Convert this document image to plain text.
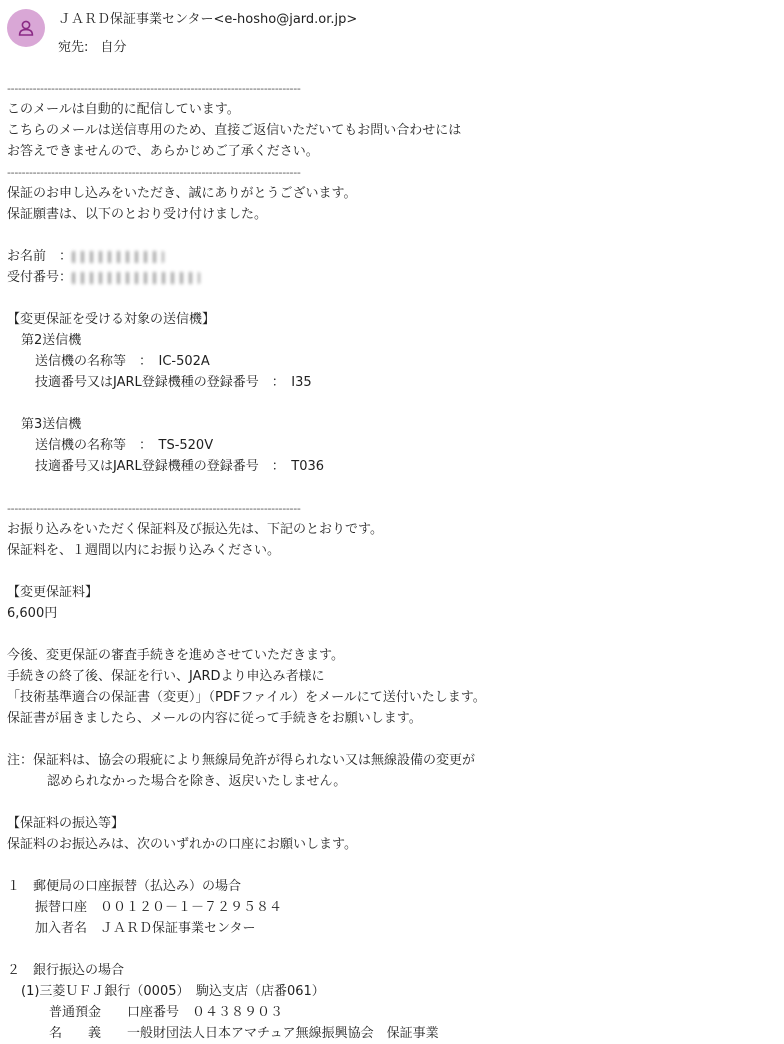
ＪＡＲＤ保証事業センター<e-hosho@jard.or.jp>
宛先: 自分
--------------------------------------------------------------------------------
このメールは自動的に配信しています。
こちらのメールは送信専用のため、直接ご返信いただいてもお問い合わせには
お答えできませんので、あらかじめご了承ください。
--------------------------------------------------------------------------------
保証のお申し込みをいただき、誠にありがとうございます。
保証願書は、以下のとおり受け付けました。
お名前　：
受付番号：
【変更保証を受ける対象の送信機】
第2送信機
送信機の名称等　：　IC-502A
技適番号又はJARL登録機種の登録番号　：　I35
第3送信機
送信機の名称等　：　TS-520V
技適番号又はJARL登録機種の登録番号　：　T036
--------------------------------------------------------------------------------
お振り込みをいただく保証料及び振込先は、下記のとおりです。
保証料を、１週間以内にお振り込みください。
【変更保証料】
6,600円
今後、変更保証の審査手続きを進めさせていただきます。
手続きの終了後、保証を行い、JARDより申込み者様に
「技術基準適合の保証書（変更）」（PDFファイル）をメールにて送付いたします。
保証書が届きましたら、メールの内容に従って手続きをお願いします。
注：保証料は、協会の瑕疵により無線局免許が得られない又は無線設備の変更が
認められなかった場合を除き、返戻いたしません。
【保証料の振込等】
保証料のお振込みは、次のいずれかの口座にお願いします。
１　郵便局の口座振替（払込み）の場合
振替口座　００１２０－１－７２９５８４
加入者名　ＪＡＲＤ保証事業センター
２　銀行振込の場合
(1)三菱ＵＦＪ銀行（0005）　駒込支店（店番061）
普通預金　　口座番号　０４３８９０３
名　　義　　一般財団法人日本アマチュア無線振興協会　保証事業
